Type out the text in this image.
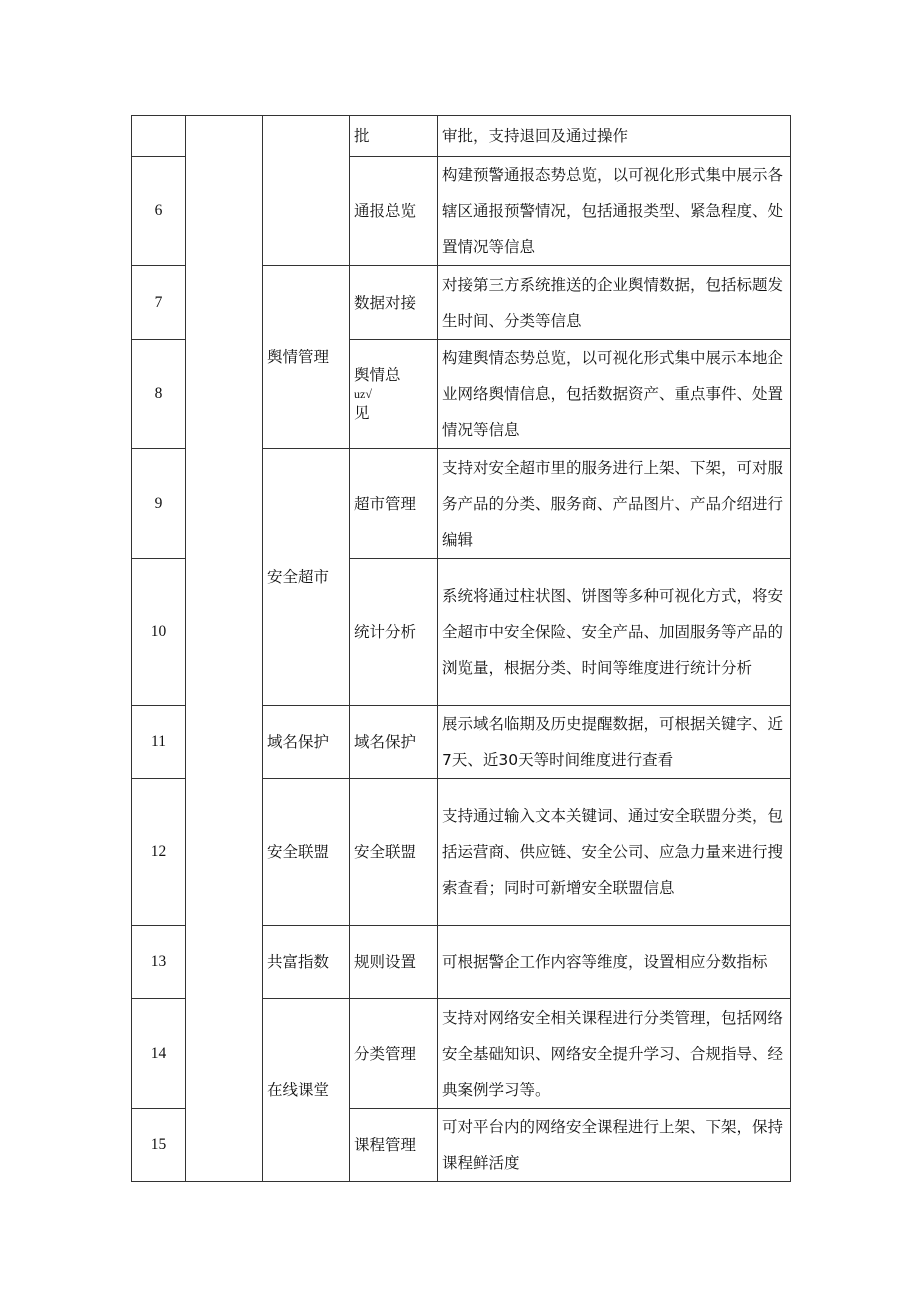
			批	审批，支持退回及通过操作
6			通报总览	构建预警通报态势总览，以可视化形式集中展示各辖区通报预警情况，包括通报类型、紧急程度、处置情况等信息
7		舆情管理	数据对接	对接第三方系统推送的企业舆情数据，包括标题发生时间、分类等信息
8			舆情总
uz√
见	构建舆情态势总览，以可视化形式集中展示本地企业网络舆情信息，包括数据资产、重点事件、处置情况等信息
9		安全超市	超市管理	支持对安全超市里的服务进行上架、下架，可对服务产品的分类、服务商、产品图片、产品介绍进行编辑
10			统计分析	系统将通过柱状图、饼图等多种可视化方式，将安全超市中安全保险、安全产品、加固服务等产品的浏览量，根据分类、时间等维度进行统计分析
11		域名保护	域名保护	展示域名临期及历史提醒数据，可根据关键字、近7天、近30天等时间维度进行查看
12		安全联盟	安全联盟	支持通过输入文本关键词、通过安全联盟分类，包括运营商、供应链、安全公司、应急力量来进行搜索查看；同时可新增安全联盟信息
13		共富指数	规则设置	可根据警企工作内容等维度，设置相应分数指标
14		在线课堂	分类管理	支持对网络安全相关课程进行分类管理，包括网络安全基础知识、网络安全提升学习、合规指导、经典案例学习等。
15			课程管理	可对平台内的网络安全课程进行上架、下架，保持课程鲜活度
